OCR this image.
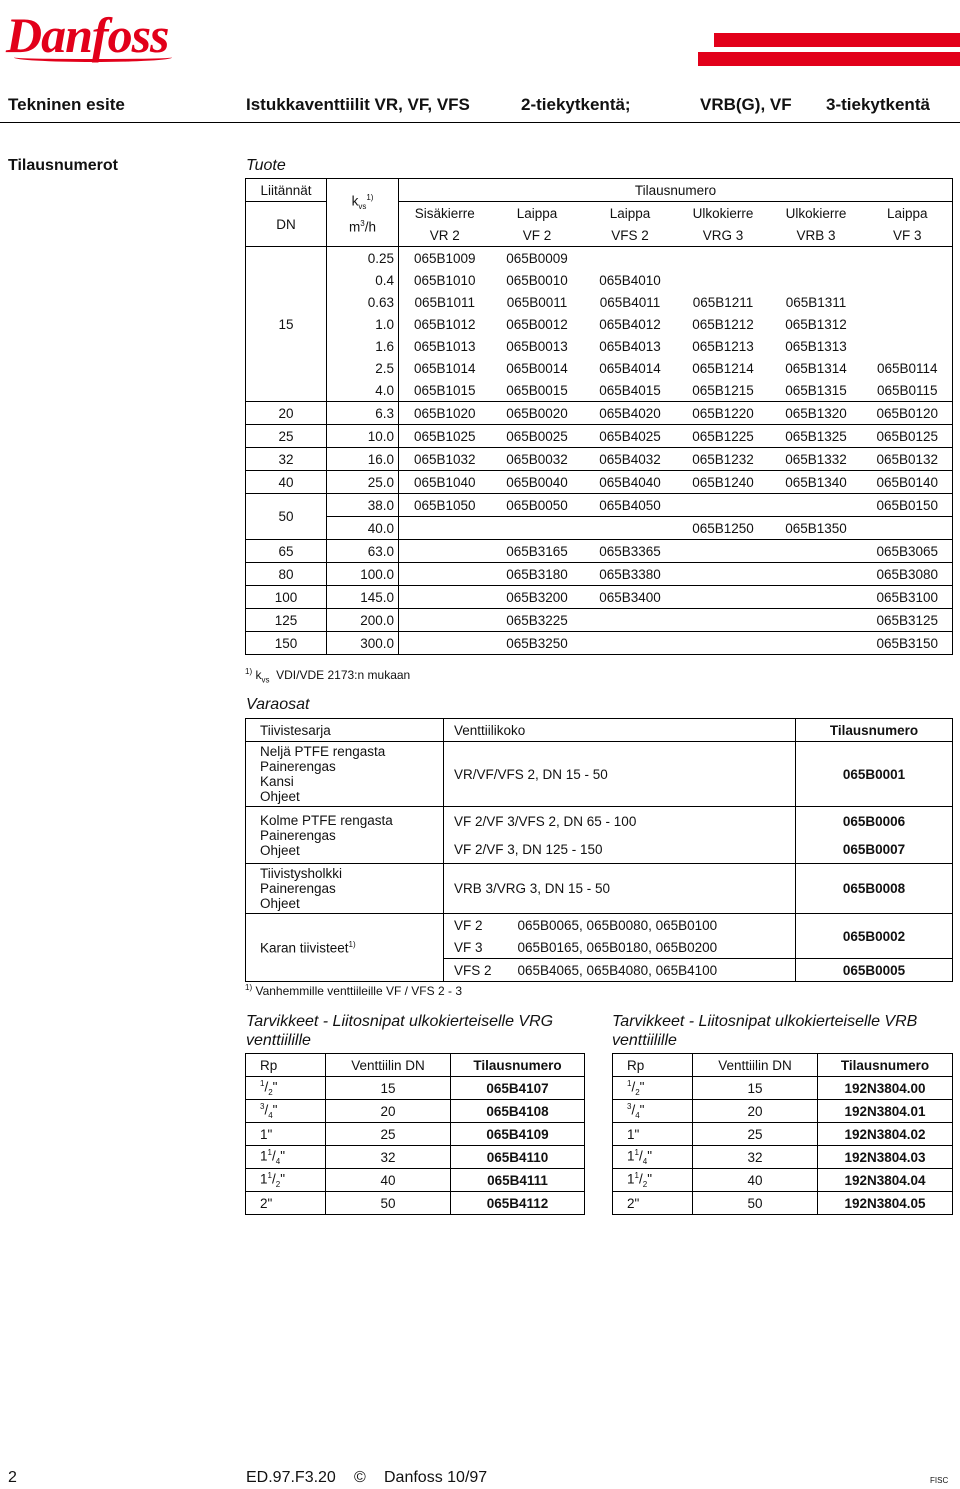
Danfoss
Tekninen esite	Istukkaventtiilit VR, VF, VFS	2-tiekytkentä;	VRB(G), VF 3-tiekytkentä
Tilausnumerot	Tuote
Liitännät	$k_{vs}^{1)}$
$m^3/h$	Tilausnumero					
DN		Sisäkierre	Laippa	Laippa	Ulkokierre	Ulkokierre	Laippa
		VR 2	VF 2	VFS 2	VRG 3	VRB 3	VF 3
15	0.25	065B1009	065B0009				
	0.4	065B1010	065B0010	065B4010			
	0.63	065B1011	065B0011	065B4011	065B1211	065B1311	
	1.0	065B1012	065B0012	065B4012	065B1212	065B1312	
	1.6	065B1013	065B0013	065B4013	065B1213	065B1313	
	2.5	065B1014	065B0014	065B4014	065B1214	065B1314	065B0114
	4.0	065B1015	065B0015	065B4015	065B1215	065B1315	065B0115
20	6.3	065B1020	065B0020	065B4020	065B1220	065B1320	065B0120
25	10.0	065B1025	065B0025	065B4025	065B1225	065B1325	065B0125
32	16.0	065B1032	065B0032	065B4032	065B1232	065B1332	065B0132
40	25.0	065B1040	065B0040	065B4040	065B1240	065B1340	065B0140
50	38.0	065B1050	065B0050	065B4050			065B0150
	40.0				065B1250	065B1350	
65	63.0		065B3165	065B3365			065B3065
80	100.0		065B3180	065B3380			065B3080
100	145.0		065B3200	065B3400			065B3100
125	200.0		065B3225				065B3125
150	300.0		065B3250				065B3150
$^{1)}$ $k_{vs}$ VDI/VDE 2173:n mukaan
Varaosat
Tiivistesarja	Venttiilikoko		Tilausnumero

Neljä PTFE rengasta
Painerengas
Kansi
Ohjeet	VR/VF/VFS 2, DN 15 - 50		065B0001

Kolme PTFE rengasta
Painerengas
Ohjeet	VF 2/VF 3/VFS 2, DN 65 - 100		065B0006
	VF 2/VF 3, DN 125 - 150		065B0007

Tiivistysholkki
Painerengas
Ohjeet	VRB 3/VRG 3, DN 15 - 50		065B0008
Karan tiivisteet$^{1)}$	VF 2	065B0065, 065B0080, 065B0100	065B0002
	VF 3	065B0165, 065B0180, 065B0200	
	VFS 2	065B4065, 065B4080, 065B4100	065B0005
$^{1)}$ Vanhemmille venttiileille VF / VFS 2 - 3
Tarvikkeet - Liitosnipat ulkokierteiselle VRG venttiilille
Tarvikkeet - Liitosnipat ulkokierteiselle VRB venttiilille
Rp	Venttiilin DN	Tilausnumero
$^1/_2$"	15	065B4107
$^3/_4$"	20	065B4108
1"	25	065B4109
$1^1/_4$"	32	065B4110
$1^1/_2$"	40	065B4111
2"	50	065B4112
Rp	Venttiilin DN	Tilausnumero
$^1/_2$"	15	192N3804.00
$^3/_4$"	20	192N3804.01
1"	25	192N3804.02
$1^1/_4$"	32	192N3804.03
$1^1/_2$"	40	192N3804.04
2"	50	192N3804.05
2	ED.97.F3.20 © Danfoss 10/97	FISC
